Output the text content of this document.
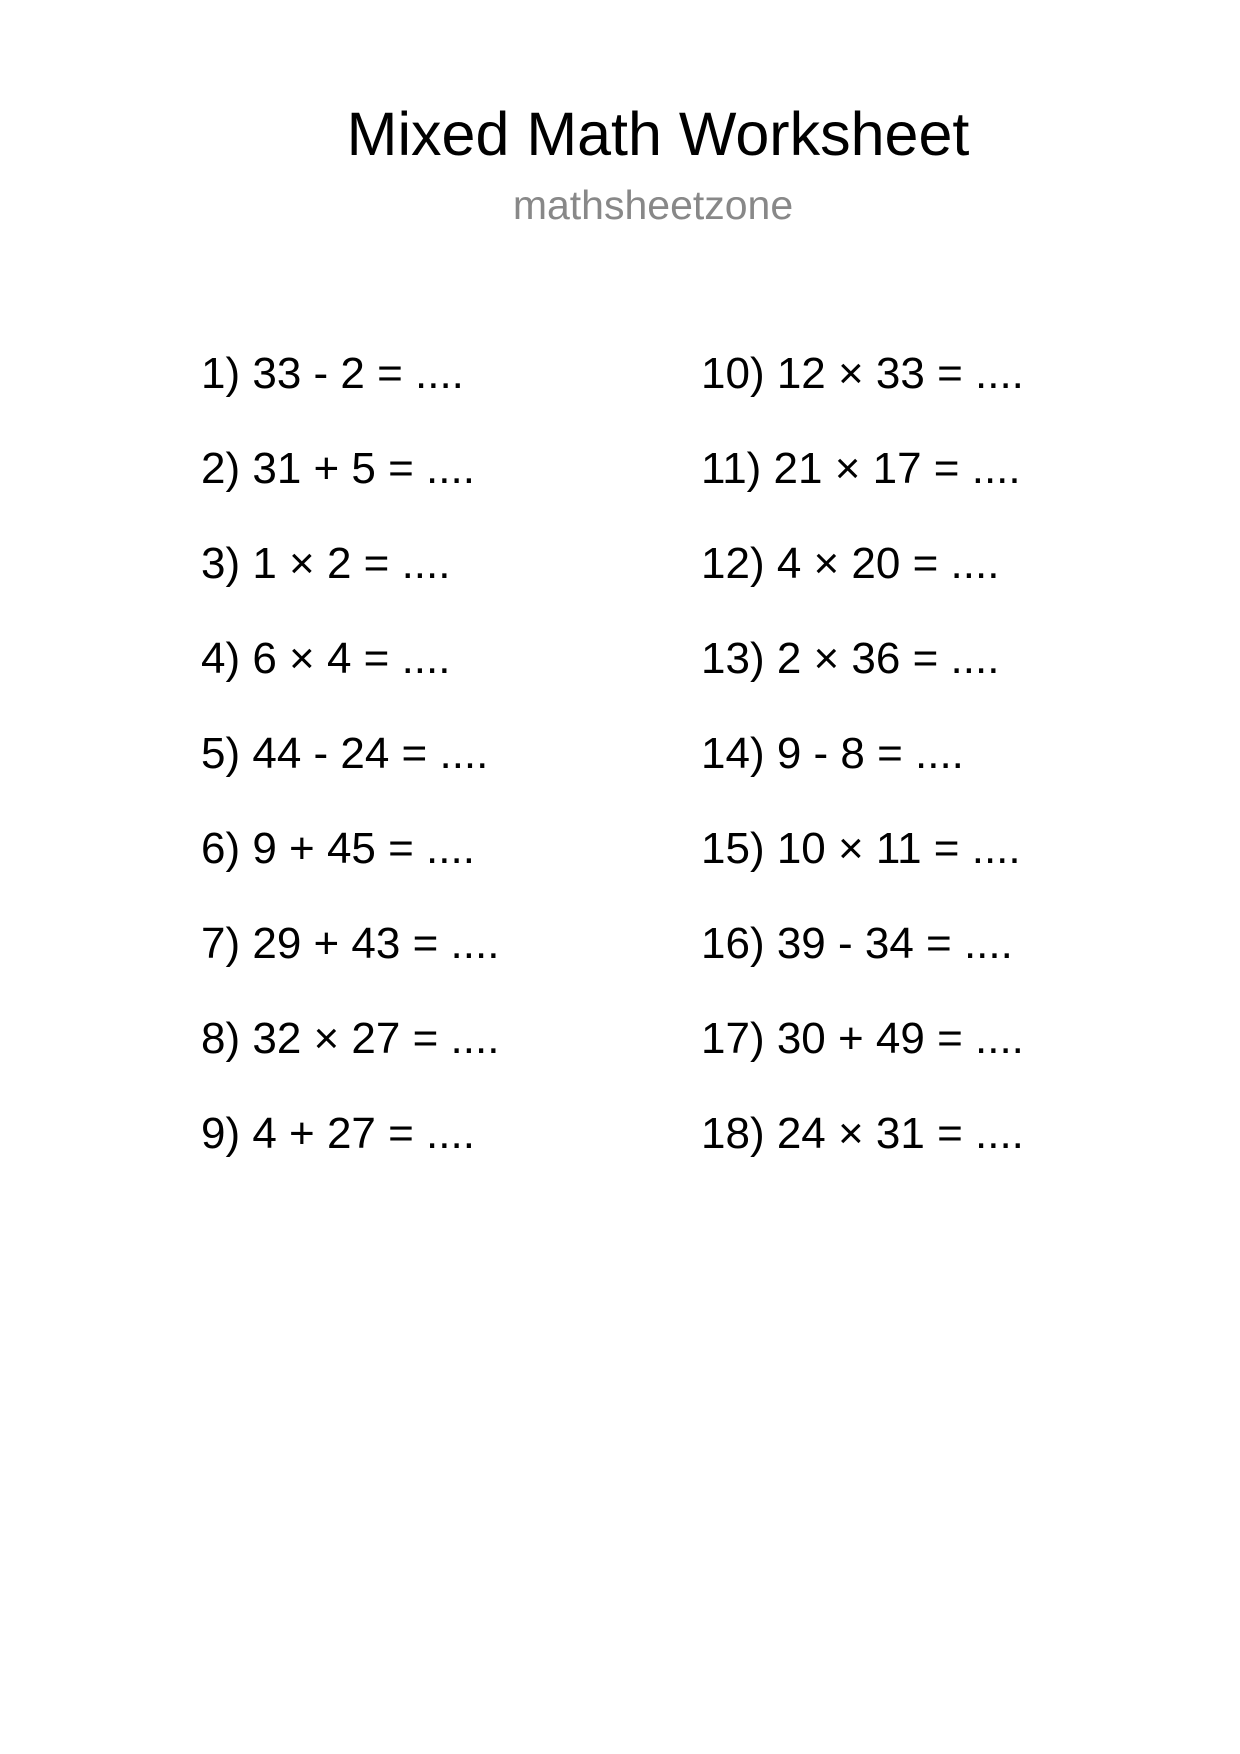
Mixed Math Worksheet
mathsheetzone
1) 33 - 2 = ....
2) 31 + 5 = ....
3) 1 × 2 = ....
4) 6 × 4 = ....
5) 44 - 24 = ....
6) 9 + 45 = ....
7) 29 + 43 = ....
8) 32 × 27 = ....
9) 4 + 27 = ....
10) 12 × 33 = ....
11) 21 × 17 = ....
12) 4 × 20 = ....
13) 2 × 36 = ....
14) 9 - 8 = ....
15) 10 × 11 = ....
16) 39 - 34 = ....
17) 30 + 49 = ....
18) 24 × 31 = ....
